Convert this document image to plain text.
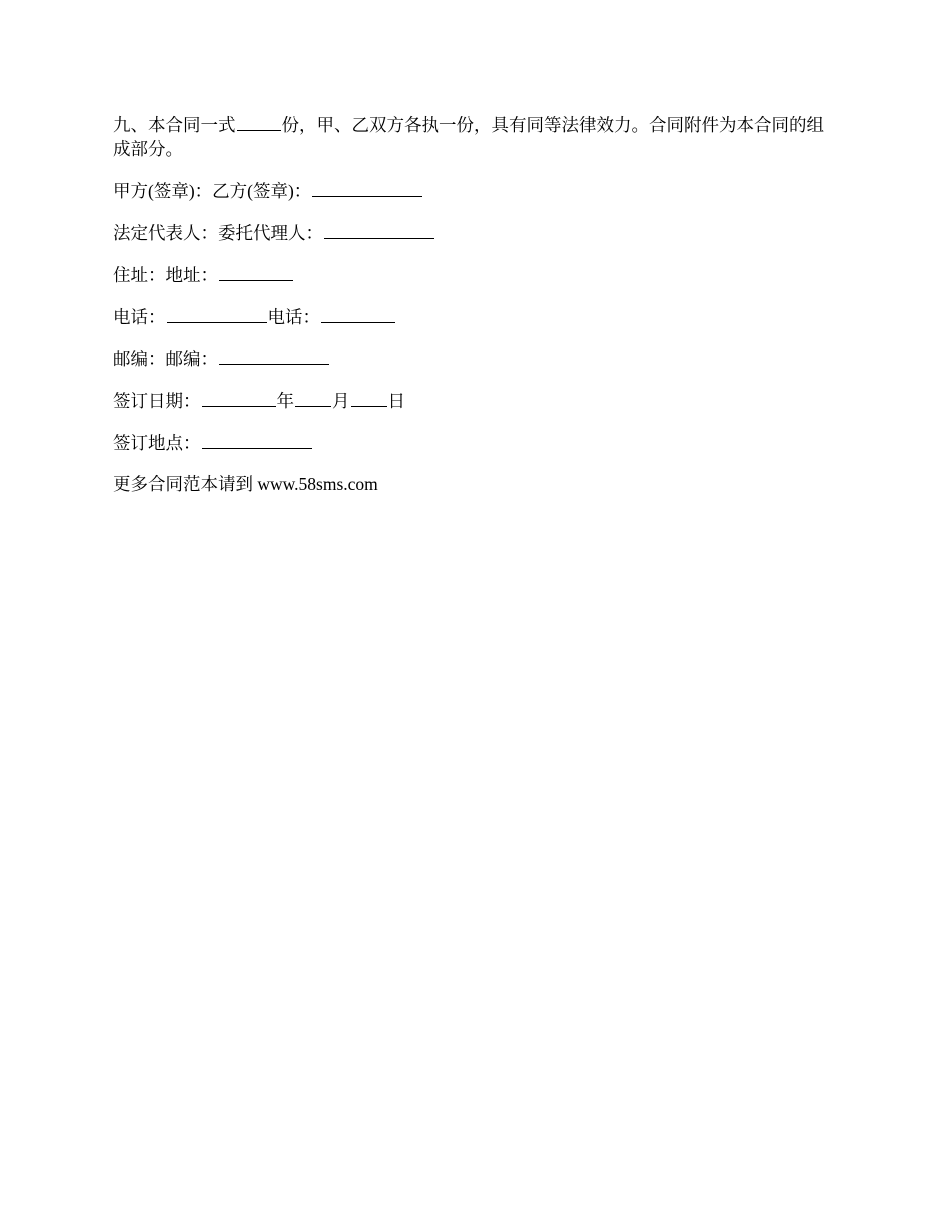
九、本合同一式	份，甲、乙双方各执一份，具有同等法律效力。合同附件为本合同的组成部分。

甲方(签章)：乙方(签章)：

法定代表人：委托代理人：

住址：地址：

电话：	电话：

邮编：邮编：

签订日期：	年 月 日

签订地点：

更多合同范本请到 www.58sms.com
